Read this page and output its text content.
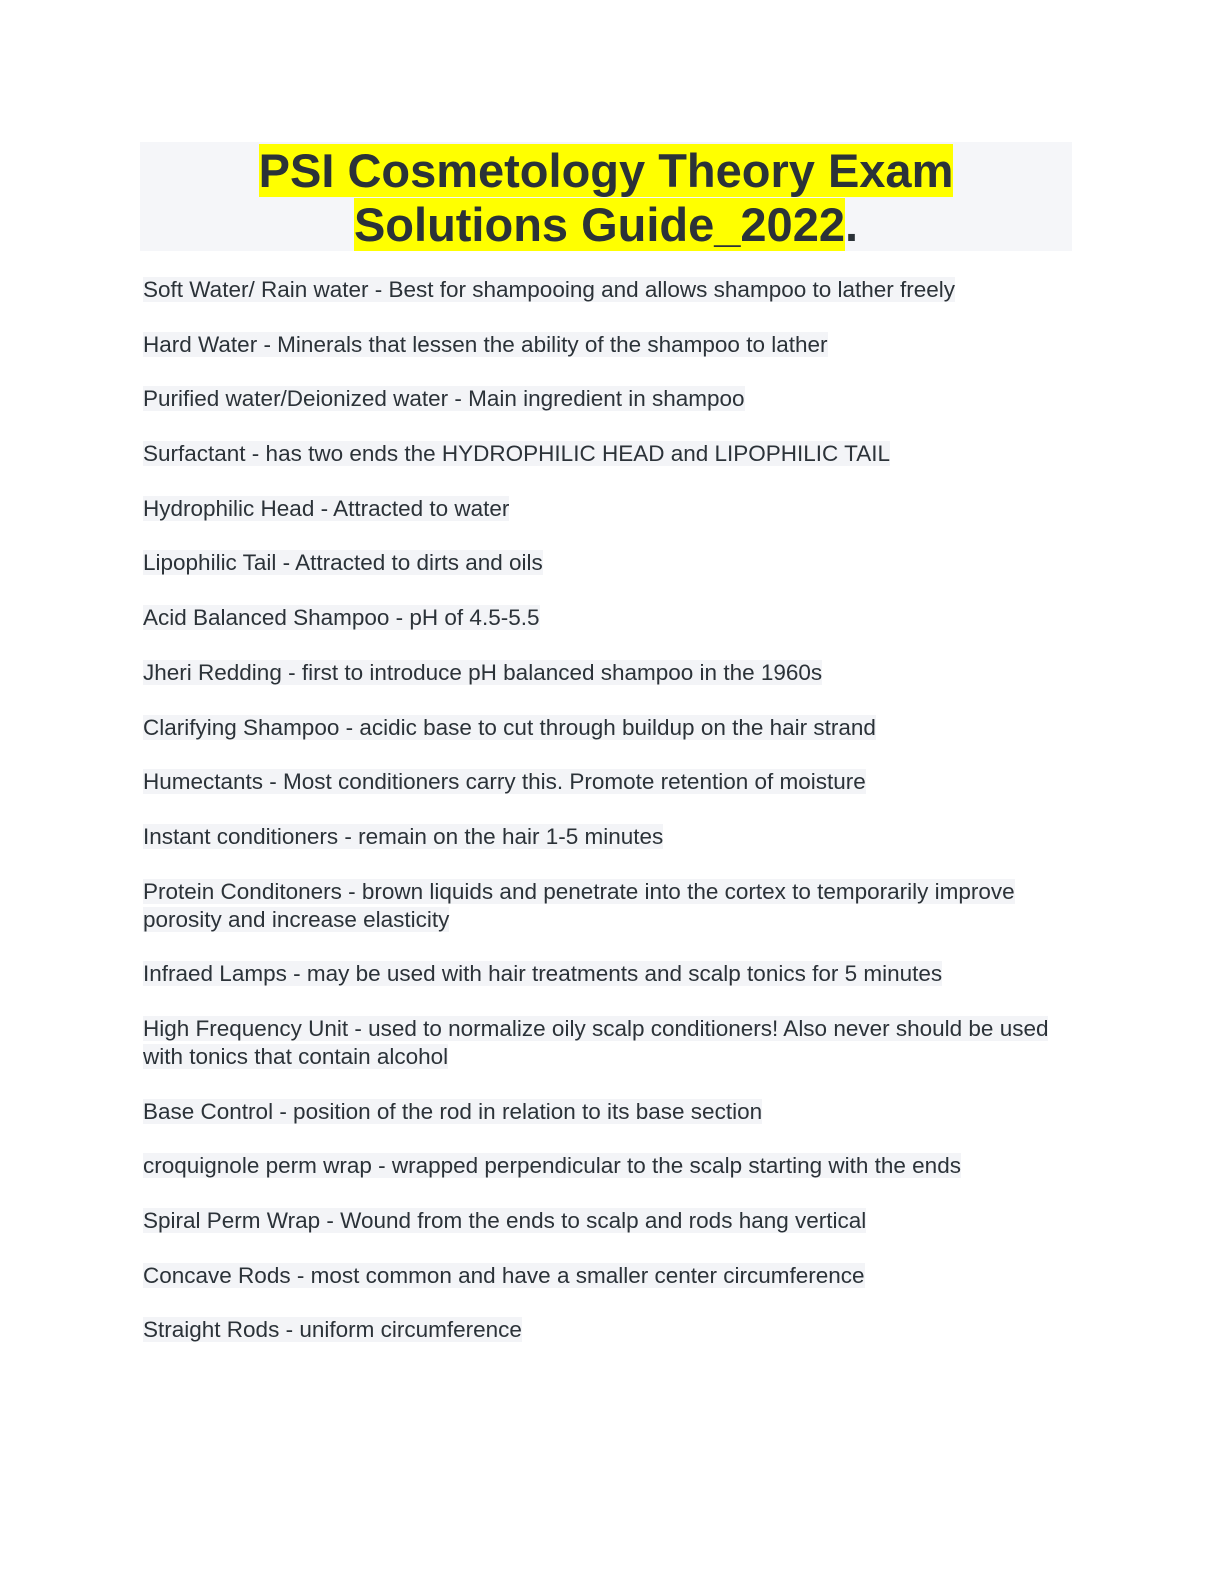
PSI Cosmetology Theory Exam
Solutions Guide_2022.
Soft Water/ Rain water - Best for shampooing and allows shampoo to lather freely
Hard Water - Minerals that lessen the ability of the shampoo to lather
Purified water/Deionized water - Main ingredient in shampoo
Surfactant - has two ends the HYDROPHILIC HEAD and LIPOPHILIC TAIL
Hydrophilic Head - Attracted to water
Lipophilic Tail - Attracted to dirts and oils
Acid Balanced Shampoo - pH of 4.5-5.5
Jheri Redding - first to introduce pH balanced shampoo in the 1960s
Clarifying Shampoo - acidic base to cut through buildup on the hair strand
Humectants - Most conditioners carry this. Promote retention of moisture
Instant conditioners - remain on the hair 1-5 minutes
Protein Conditoners - brown liquids and penetrate into the cortex to temporarily improve porosity and increase elasticity
Infraed Lamps - may be used with hair treatments and scalp tonics for 5 minutes
High Frequency Unit - used to normalize oily scalp conditioners! Also never should be used with tonics that contain alcohol
Base Control - position of the rod in relation to its base section
croquignole perm wrap - wrapped perpendicular to the scalp starting with the ends
Spiral Perm Wrap - Wound from the ends to scalp and rods hang vertical
Concave Rods - most common and have a smaller center circumference
Straight Rods - uniform circumference
